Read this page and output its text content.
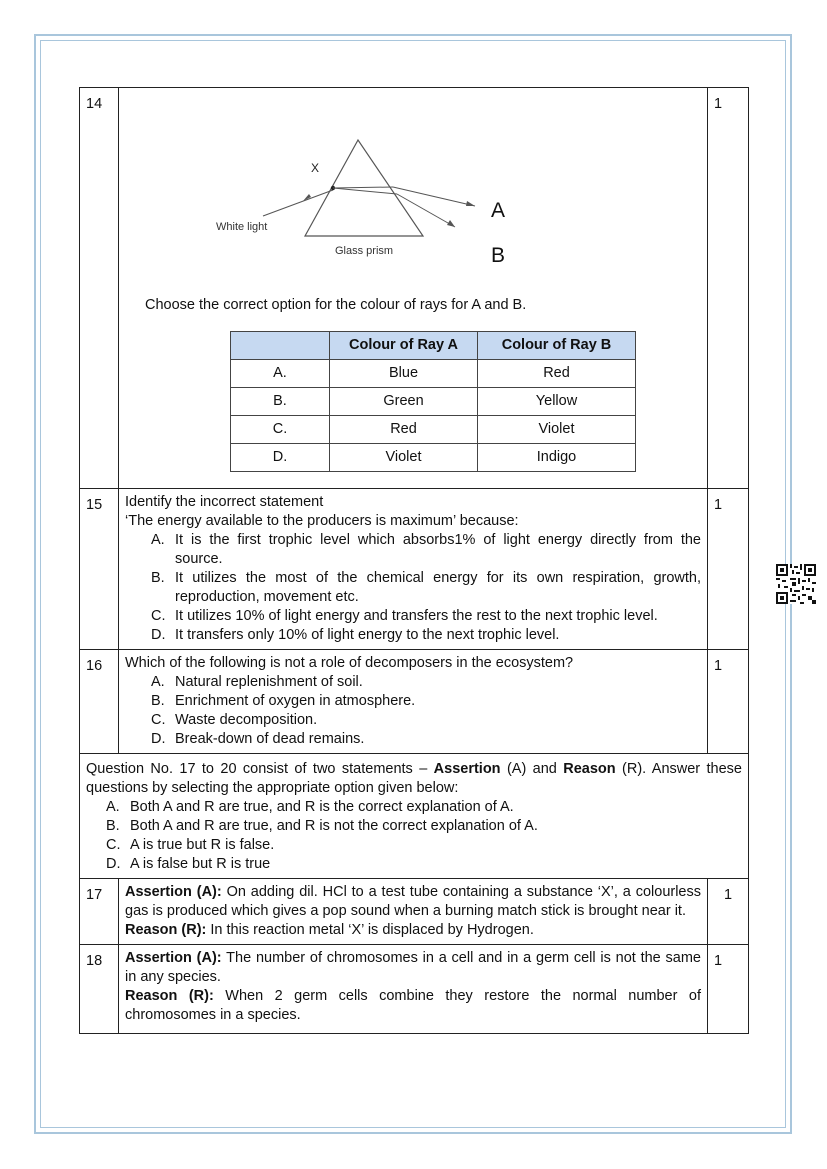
14	
X
White light
Glass prism
A
B
Choose the correct option for the colour of rays for A and B.
	Colour of Ray A	Colour of Ray B
A.	Blue	Red
B.	Green	Yellow
C.	Red	Violet
D.	Violet	Indigo
	1
15	Identify the incorrect statement
‘The energy available to the producers is maximum’ because:
A. It is the first trophic level which absorbs1% of light energy directly from the source.
B. It utilizes the most of the chemical energy for its own respiration, growth, reproduction, movement etc.
C. It utilizes 10% of light energy and transfers the rest to the next trophic level.
D. It transfers only 10% of light energy to the next trophic level.
	1
16	Which of the following is not a role of decomposers in the ecosystem?
A. Natural replenishment of soil.
B. Enrichment of oxygen in atmosphere.
C. Waste decomposition.
D. Break-down of dead remains.
	1

Question No. 17 to 20 consist of two statements – Assertion (A) and Reason (R). Answer these questions by selecting the appropriate option given below:
A. Both A and R are true, and R is the correct explanation of A.
B. Both A and R are true, and R is not the correct explanation of A.
C. A is true but R is false.
D. A is false but R is true

17	Assertion (A): On adding dil. HCl to a test tube containing a substance ‘X’, a colourless gas is produced which gives a pop sound when a burning match stick is brought near it.

Reason (R): In this reaction metal ‘X’ is displaced by Hydrogen.

	1
18	Assertion (A): The number of chromosomes in a cell and in a germ cell is not the same in any species.

Reason (R): When 2 germ cells combine they restore the normal number of chromosomes in a species.

	1
